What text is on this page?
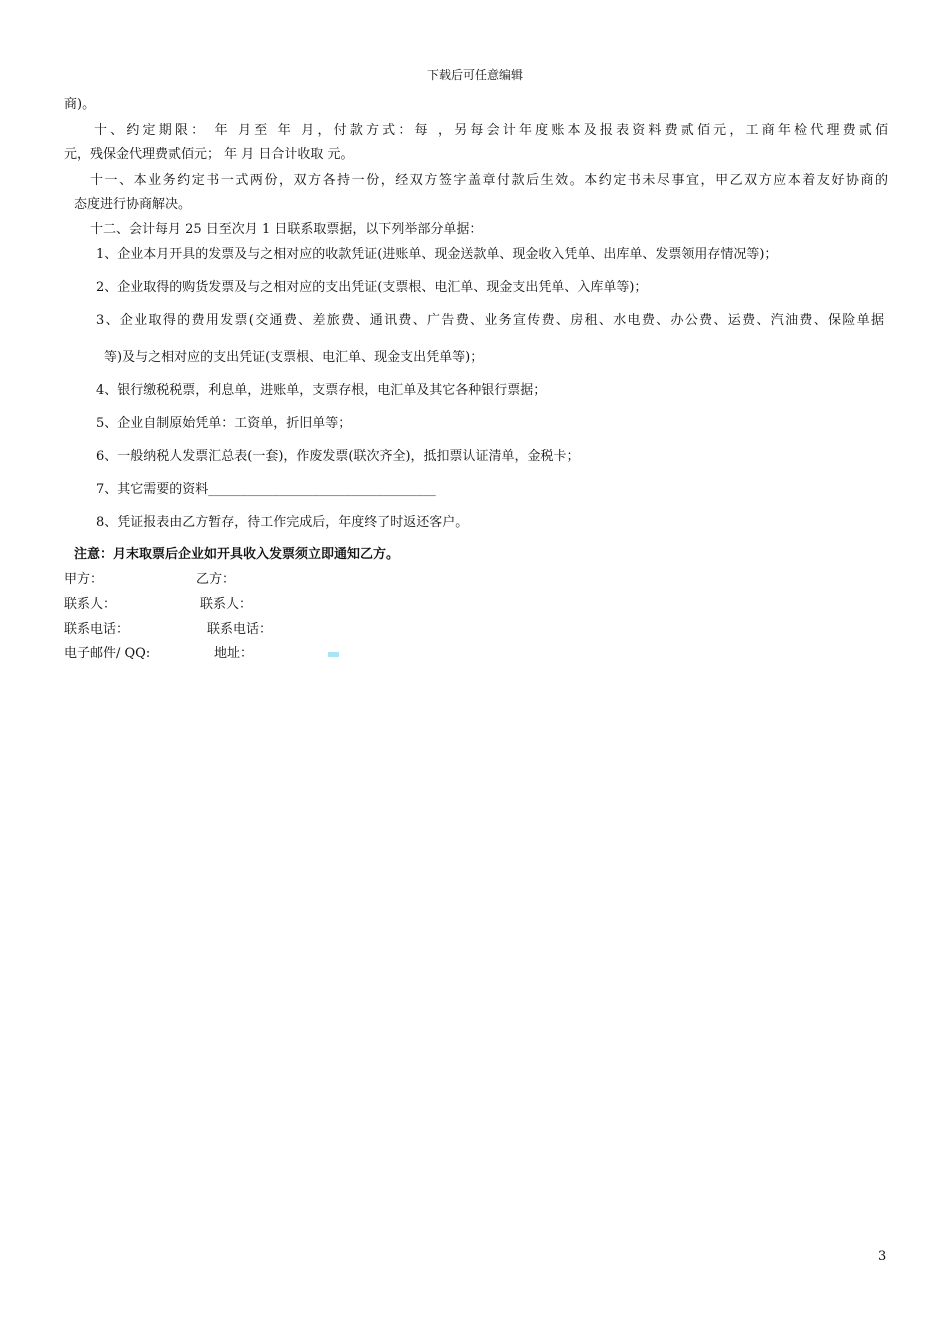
下载后可任意编辑
商)。
十、约定期限： 年 月至 年 月，付款方式：每 ，另每会计年度账本及报表资料费贰佰元，工商年检代理费贰佰
元，残保金代理费贰佰元； 年 月 日合计收取 元。
十一、本业务约定书一式两份，双方各持一份，经双方签字盖章付款后生效。本约定书未尽事宜，甲乙双方应本着友好协商的
态度进行协商解决。
十二、会计每月 25 日至次月 1 日联系取票据，以下列举部分单据：
1、企业本月开具的发票及与之相对应的收款凭证(进账单、现金送款单、现金收入凭单、出库单、发票领用存情况等)；
2、企业取得的购货发票及与之相对应的支出凭证(支票根、电汇单、现金支出凭单、入库单等)；
3、企业取得的费用发票(交通费、差旅费、通讯费、广告费、业务宣传费、房租、水电费、办公费、运费、汽油费、保险单据
等)及与之相对应的支出凭证(支票根、电汇单、现金支出凭单等)；
4、银行缴税税票，利息单，进账单，支票存根，电汇单及其它各种银行票据；
5、企业自制原始凭单：工资单，折旧单等；
6、一般纳税人发票汇总表(一套)，作废发票(联次齐全)，抵扣票认证清单，金税卡；
7、其它需要的资料___________________________________
8、凭证报表由乙方暂存，待工作完成后，年度终了时返还客户。
注意：月末取票后企业如开具收入发票须立即通知乙方。
甲方：	乙方：
联系人：	联系人：
联系电话：	联系电话：
电子邮件/ QQ:	地址：
3
